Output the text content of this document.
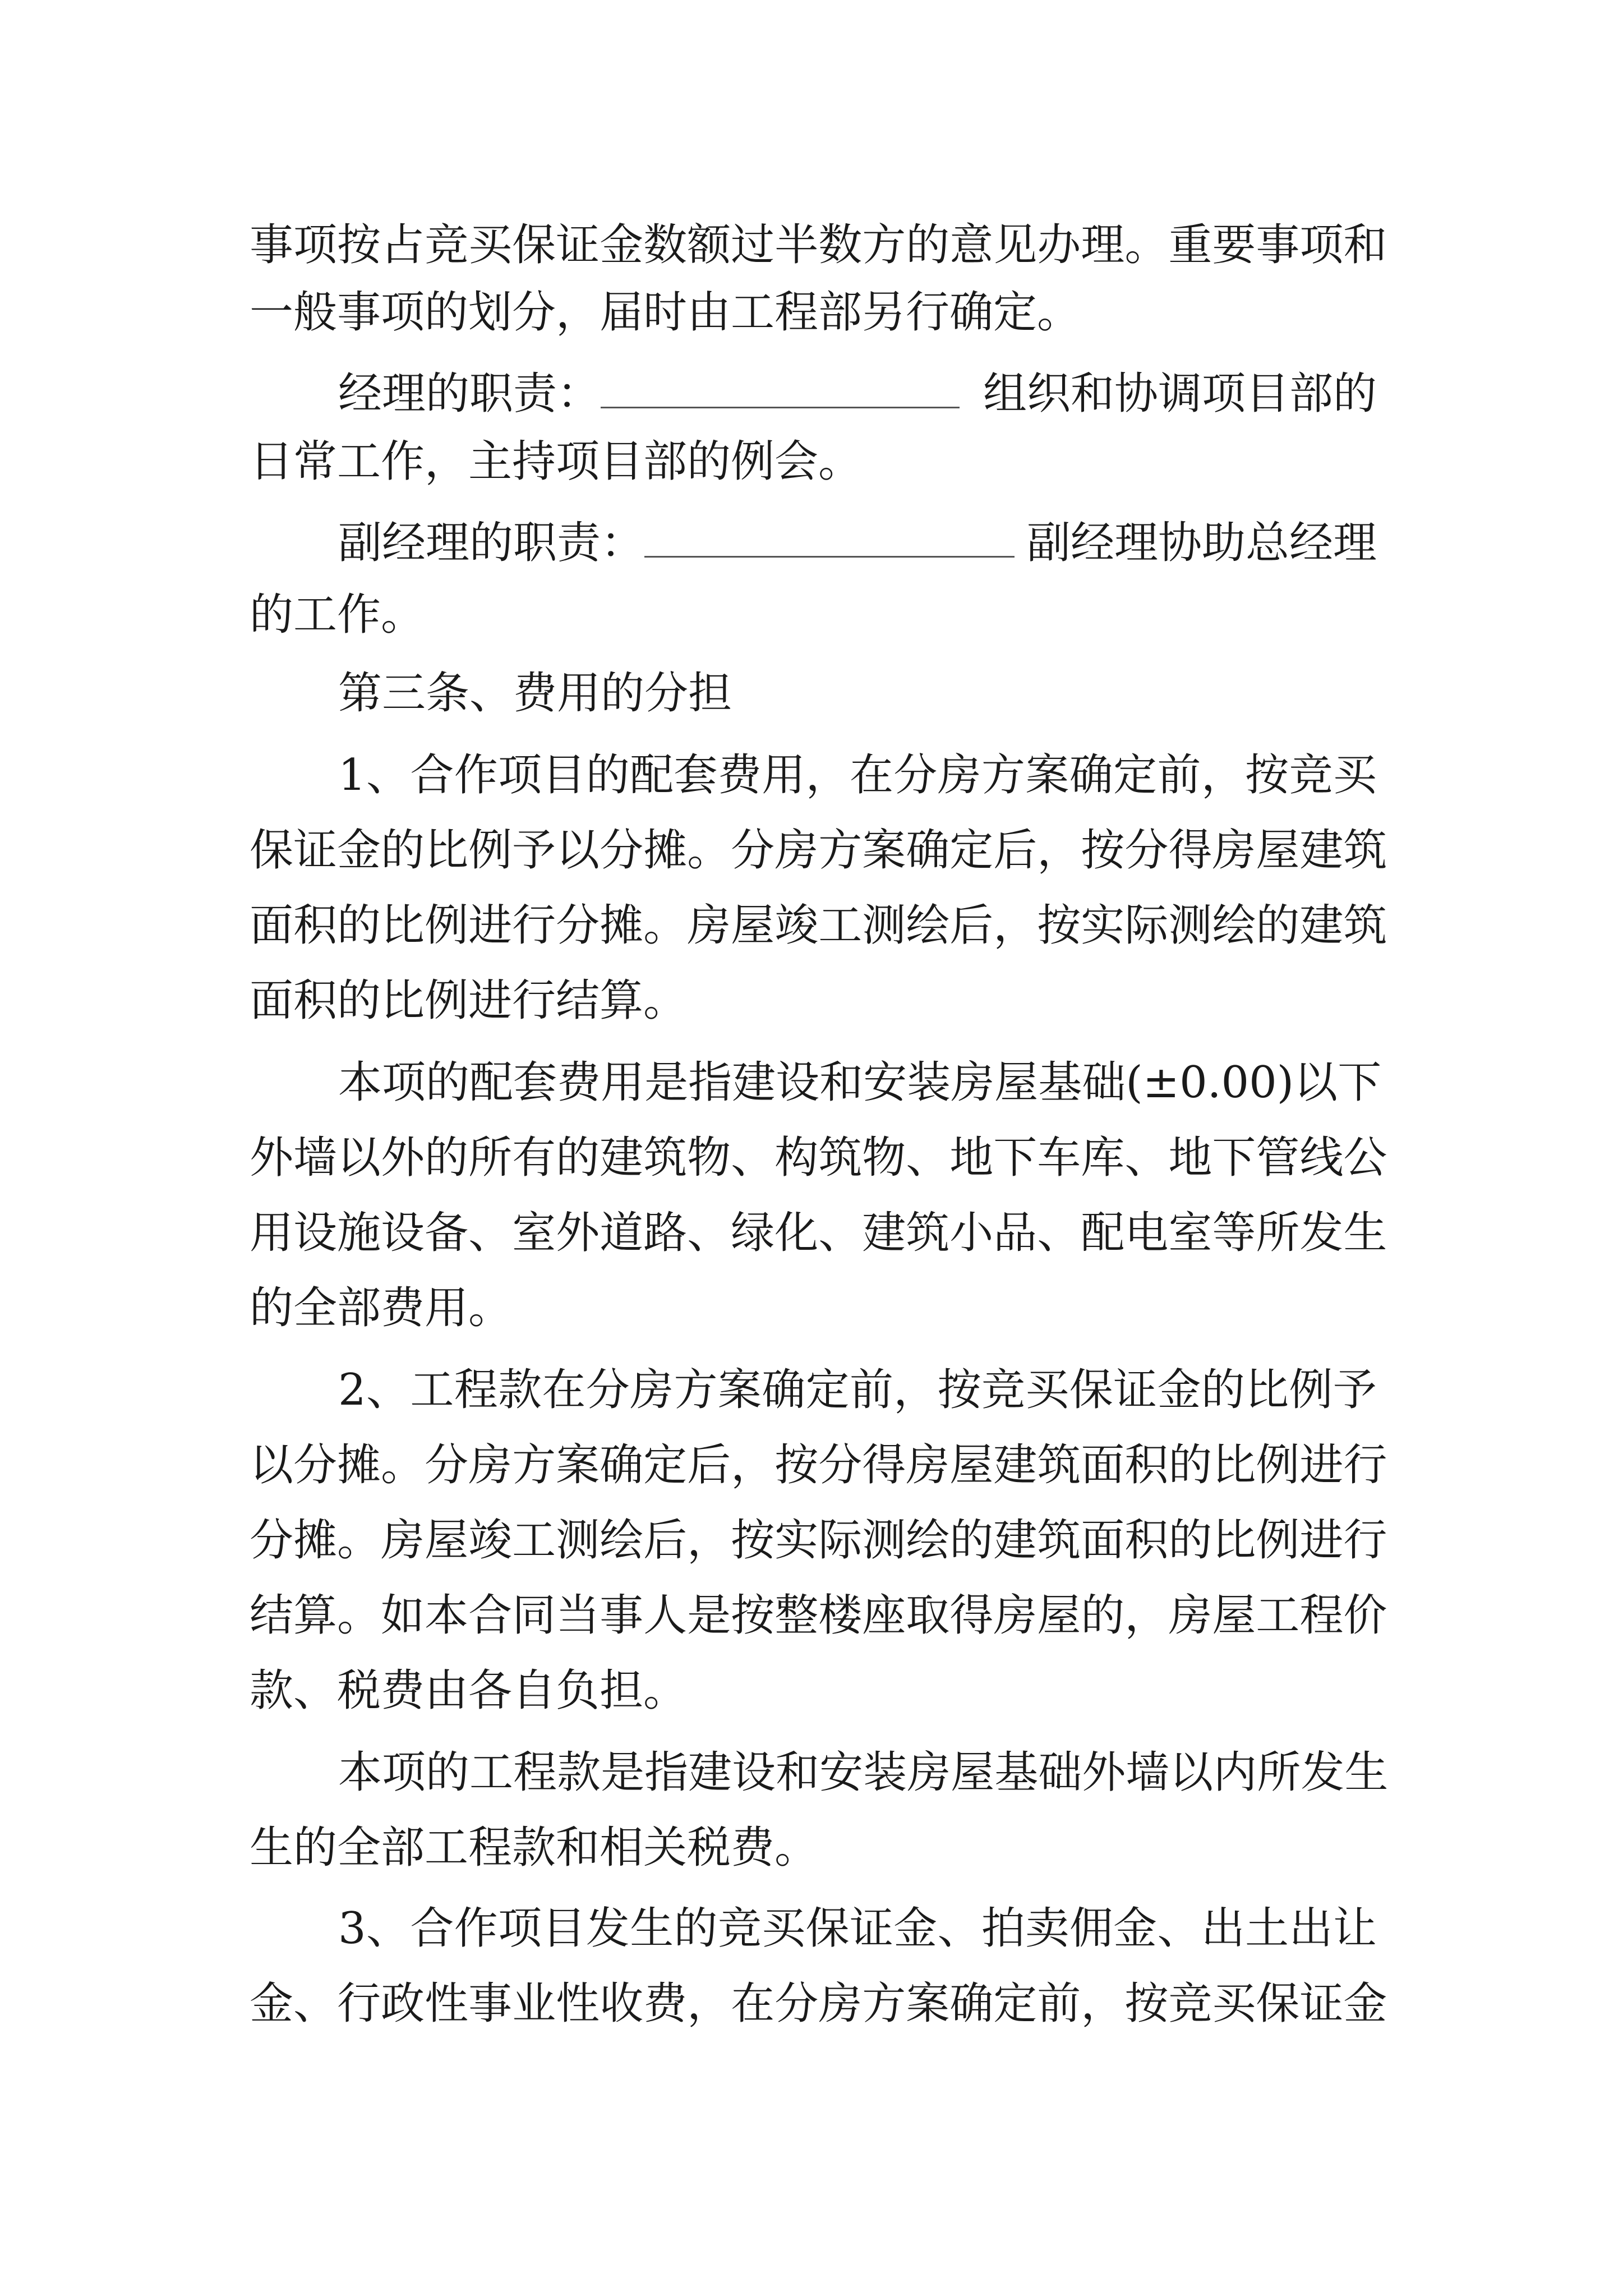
事 项 按 占 竞 买 保 证 金 数 额 过 半 数 方 的 意 见 办 理 。 重 要 事 项 和
一般事项的划分，届时由工程部另行确定。
经理的职责：	组织和协调项目部的
日常工作，主持项目部的例会。
副经理的职责：	副经理协助总经理
的工作。
第三条、费用的分担
1 、 合 作 项 目 的 配 套 费 用 ， 在 分 房 方 案 确 定 前 ， 按 竞 买
保 证 金 的 比 例 予 以 分 摊 。 分 房 方 案 确 定 后 ， 按 分 得 房 屋 建 筑
面 积 的 比 例 进 行 分 摊 。 房 屋 竣 工 测 绘 后 ， 按 实 际 测 绘 的 建 筑
面积的比例进行结算。
本 项 的 配 套 费 用 是 指 建 设 和 安 装 房 屋 基 础 (±0.00) 以 下
外 墙 以 外 的 所 有 的 建 筑 物 、 构 筑 物 、 地 下 车 库 、 地 下 管 线 公
用 设 施 设 备 、 室 外 道 路 、 绿 化 、 建 筑 小 品 、 配 电 室 等 所 发 生
的全部费用。
2 、 工 程 款 在 分 房 方 案 确 定 前 ， 按 竞 买 保 证 金 的 比 例 予
以 分 摊 。 分 房 方 案 确 定 后 ， 按 分 得 房 屋 建 筑 面 积 的 比 例 进 行
分 摊 。 房 屋 竣 工 测 绘 后 ， 按 实 际 测 绘 的 建 筑 面 积 的 比 例 进 行
结 算 。 如 本 合 同 当 事 人 是 按 整 楼 座 取 得 房 屋 的 ， 房 屋 工 程 价
款、税费由各自负担。
本 项 的 工 程 款 是 指 建 设 和 安 装 房 屋 基 础 外 墙 以 内 所 发 生
生的全部工程款和相关税费。
3 、 合 作 项 目 发 生 的 竞 买 保 证 金 、 拍 卖 佣 金 、 出 土 出 让
金 、 行 政 性 事 业 性 收 费 ， 在 分 房 方 案 确 定 前 ， 按 竞 买 保 证 金
